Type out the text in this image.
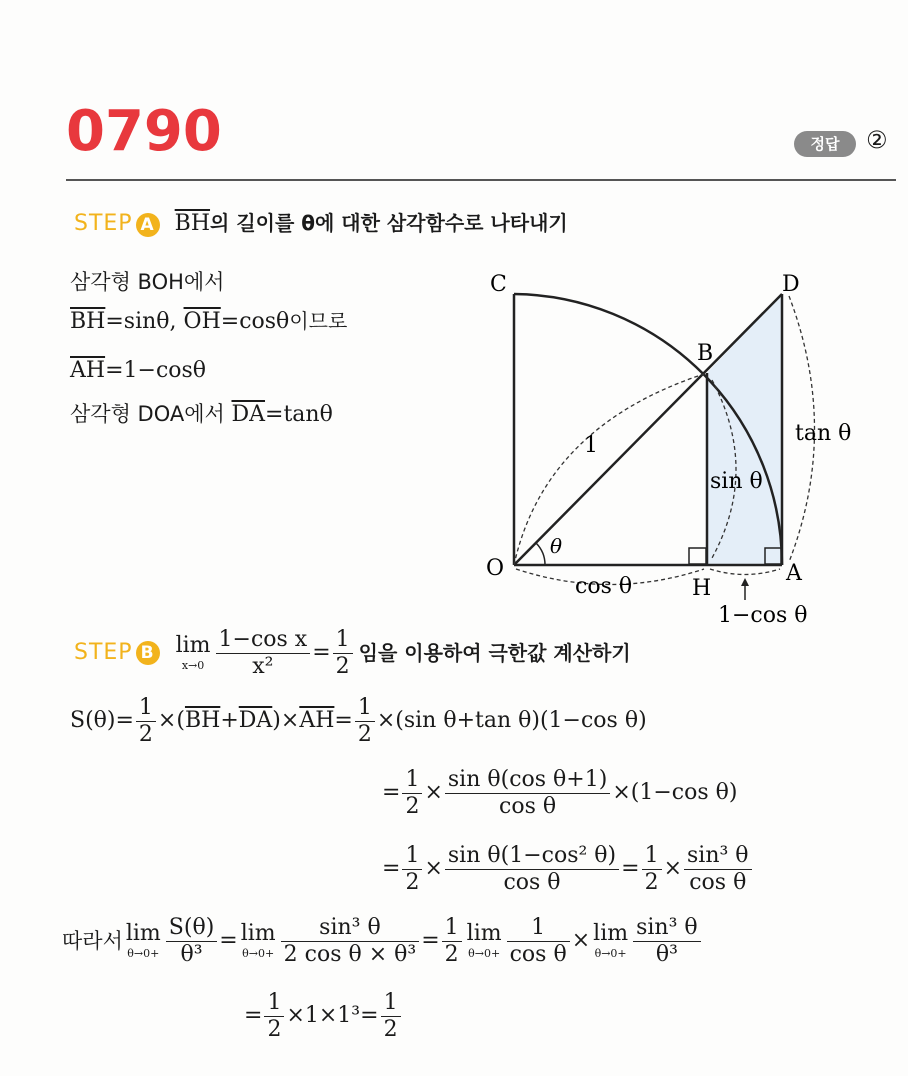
0790	정답	②
STEP A $\overline{BH}$의 길이를 θ에 대한 삼각함수로 나타내기
삼각형 BOH에서
$\overline{BH}=\sin\theta$, $\overline{OH}=\cos\theta$이므로
$\overline{AH}=1-\cos\theta$
삼각형 DOA에서 $\overline{DA}=\tan\theta$
C	D
B
O
H
A
1
θ
sin θ
tan θ
cos θ
1−cos θ
STEP B lim
$x\to 0 \frac{\text{1−cos x}}{\text{x²}} = \frac{1}{2}$ 임을 이용하여 극한값 계산하기
$S(\theta)= \frac{1}{2}$ ×( $\overline{BH} + \overline{DA}$ )× $\overline{AH} = \frac{1}{2} \times(\sin$ θ+tan θ)(1−cos θ)
= $\frac{1}{2} \times \frac{\text{sin θ(cos θ+1)}}{\text{cos θ}} \times(1-\cos$ θ)
= $\frac{1}{2} \times \frac{\text{sin θ(1−cos² θ)}}{\text{cos θ}} = \frac{1}{2} \times \frac{\text{sin³ θ}}{\text{cos θ}}$
따라서 lim
$\theta\to 0+ \frac{S(\theta)}{\text{θ³}} = \lim$
$\theta\to 0+ \frac{\text{sin³ θ}}{\text{2 cos θ × θ³}} = \frac{1}{2}$ lim
$\theta\to 0+ \frac{1}{\text{cos θ}} \times \lim$
$\theta\to 0+ \frac{\text{sin³ θ}}{\text{θ³}}$
= $\frac{1}{2} \times 1\times 1^3= \frac{1}{2}$
